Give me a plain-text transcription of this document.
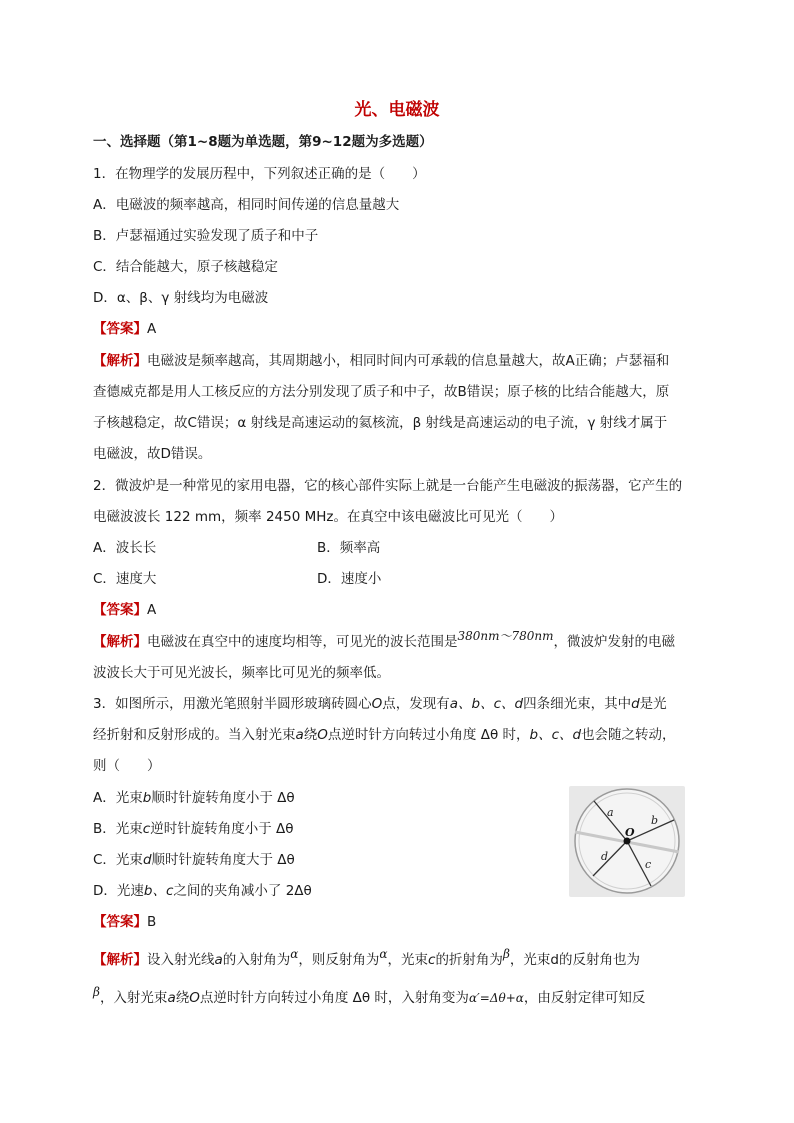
光、电磁波
一、选择题（第1~8题为单选题，第9~12题为多选题）
1．在物理学的发展历程中，下列叙述正确的是（　　）
A．电磁波的频率越高，相同时间传递的信息量越大
B．卢瑟福通过实验发现了质子和中子
C．结合能越大，原子核越稳定
D．α、β、γ 射线均为电磁波
【答案】A
【解析】电磁波是频率越高，其周期越小，相同时间内可承载的信息量越大，故A正确；卢瑟福和
查德威克都是用人工核反应的方法分别发现了质子和中子，故B错误；原子核的比结合能越大，原
子核越稳定，故C错误；α 射线是高速运动的氦核流，β 射线是高速运动的电子流，γ 射线才属于
电磁波，故D错误。
2．微波炉是一种常见的家用电器，它的核心部件实际上就是一台能产生电磁波的振荡器，它产生的
电磁波波长 122 mm，频率 2450 MHz。在真空中该电磁波比可见光（　　）
A．波长长	B．频率高
C．速度大	D．速度小
【答案】A
【解析】电磁波在真空中的速度均相等，可见光的波长范围是380nm～780nm，微波炉发射的电磁
波波长大于可见光波长，频率比可见光的频率低。
3．如图所示，用激光笔照射半圆形玻璃砖圆心O点，发现有a、b、c、d四条细光束，其中d是光
经折射和反射形成的。当入射光束a绕O点逆时针方向转过小角度 Δθ 时，b、c、d也会随之转动，
则（　　）
A．光束b顺时针旋转角度小于 Δθ
B．光束c逆时针旋转角度小于 Δθ
C．光束d顺时针旋转角度大于 Δθ
D．光速b、c之间的夹角减小了 2Δθ
a
b
c
d
O
【答案】B
【解析】设入射光线a的入射角为α，则反射角为α，光束c的折射角为β，光束d的反射角也为
β，入射光束a绕O点逆时针方向转过小角度 Δθ 时，入射角变为α′=Δθ+α，由反射定律可知反
